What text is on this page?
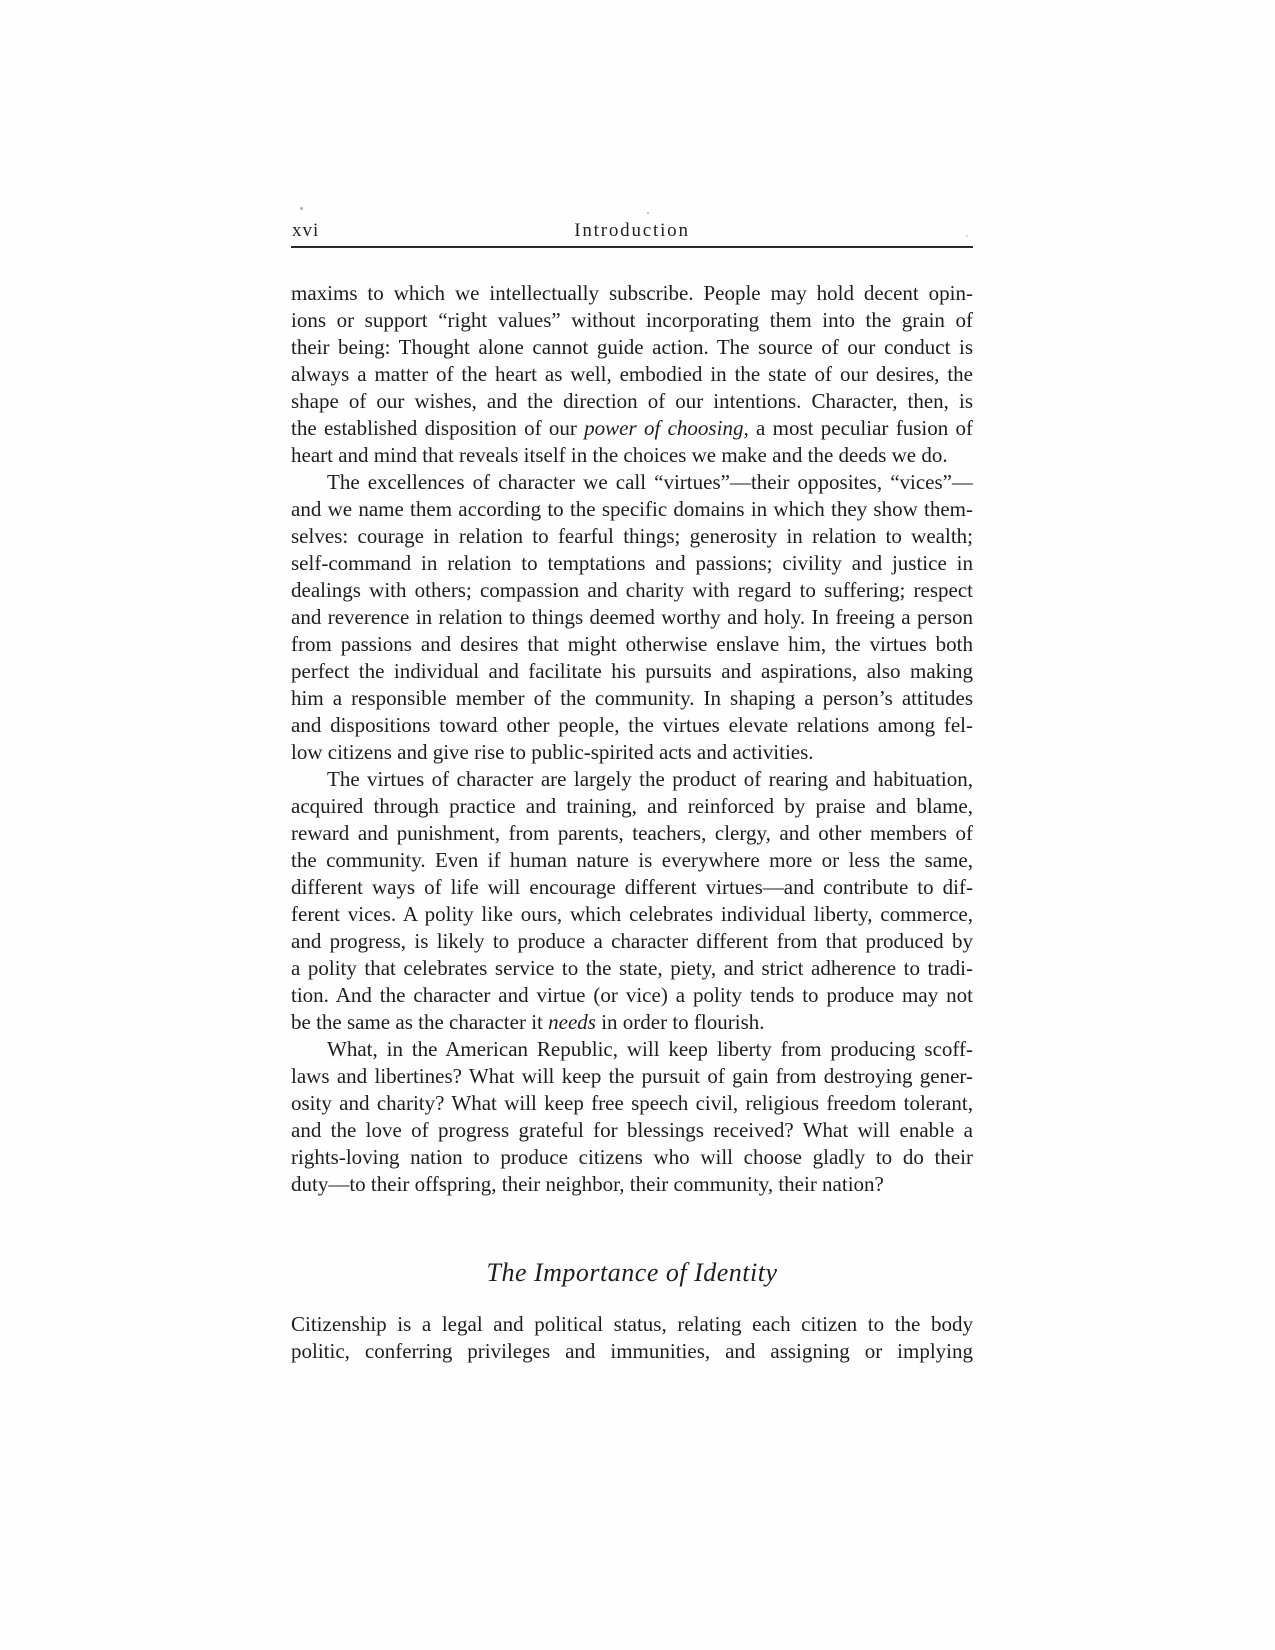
xvi	Introduction
maxims to which we intellectually subscribe. People may hold decent opin-
ions or support “right values” without incorporating them into the grain of
their being: Thought alone cannot guide action. The source of our conduct is
always a matter of the heart as well, embodied in the state of our desires, the
shape of our wishes, and the direction of our intentions. Character, then, is
the established disposition of our power of choosing, a most peculiar fusion of
heart and mind that reveals itself in the choices we make and the deeds we do.
The excellences of character we call “virtues”—their opposites, “vices”—
and we name them according to the specific domains in which they show them-
selves: courage in relation to fearful things; generosity in relation to wealth;
self-command in relation to temptations and passions; civility and justice in
dealings with others; compassion and charity with regard to suffering; respect
and reverence in relation to things deemed worthy and holy. In freeing a person
from passions and desires that might otherwise enslave him, the virtues both
perfect the individual and facilitate his pursuits and aspirations, also making
him a responsible member of the community. In shaping a person’s attitudes
and dispositions toward other people, the virtues elevate relations among fel-
low citizens and give rise to public-spirited acts and activities.
The virtues of character are largely the product of rearing and habituation,
acquired through practice and training, and reinforced by praise and blame,
reward and punishment, from parents, teachers, clergy, and other members of
the community. Even if human nature is everywhere more or less the same,
different ways of life will encourage different virtues—and contribute to dif-
ferent vices. A polity like ours, which celebrates individual liberty, commerce,
and progress, is likely to produce a character different from that produced by
a polity that celebrates service to the state, piety, and strict adherence to tradi-
tion. And the character and virtue (or vice) a polity tends to produce may not
be the same as the character it needs in order to flourish.
What, in the American Republic, will keep liberty from producing scoff-
laws and libertines? What will keep the pursuit of gain from destroying gener-
osity and charity? What will keep free speech civil, religious freedom tolerant,
and the love of progress grateful for blessings received? What will enable a
rights-loving nation to produce citizens who will choose gladly to do their
duty—to their offspring, their neighbor, their community, their nation?
The Importance of Identity
Citizenship is a legal and political status, relating each citizen to the body
politic, conferring privileges and immunities, and assigning or implying
